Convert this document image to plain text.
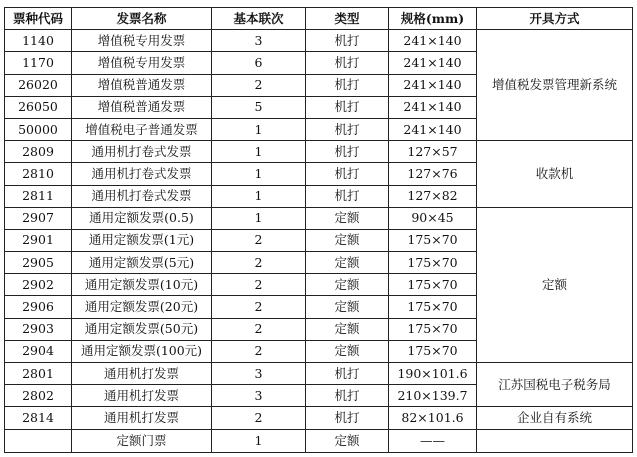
票种代码	发票名称	基本联次	类型	规格(mm)	开具方式
1140	增值税专用发票	3	机打	241×140	增值税发票管理新系统
1170	增值税专用发票	6	机打	241×140	
26020	增值税普通发票	2	机打	241×140	
26050	增值税普通发票	5	机打	241×140	
50000	增值税电子普通发票	1	机打	241×140	
2809	通用机打卷式发票	1	机打	127×57	收款机
2810	通用机打卷式发票	1	机打	127×76	
2811	通用机打卷式发票	1	机打	127×82	
2907	通用定额发票(0.5)	1	定额	90×45	定额
2901	通用定额发票(1元)	2	定额	175×70	
2905	通用定额发票(5元)	2	定额	175×70	
2902	通用定额发票(10元)	2	定额	175×70	
2906	通用定额发票(20元)	2	定额	175×70	
2903	通用定额发票(50元)	2	定额	175×70	
2904	通用定额发票(100元)	2	定额	175×70	
2801	通用机打发票	3	机打	190×101.6	江苏国税电子税务局
2802	通用机打发票	3	机打	210×139.7	
2814	通用机打发票	2	机打	82×101.6	企业自有系统
	定额门票	1	定额	——	
